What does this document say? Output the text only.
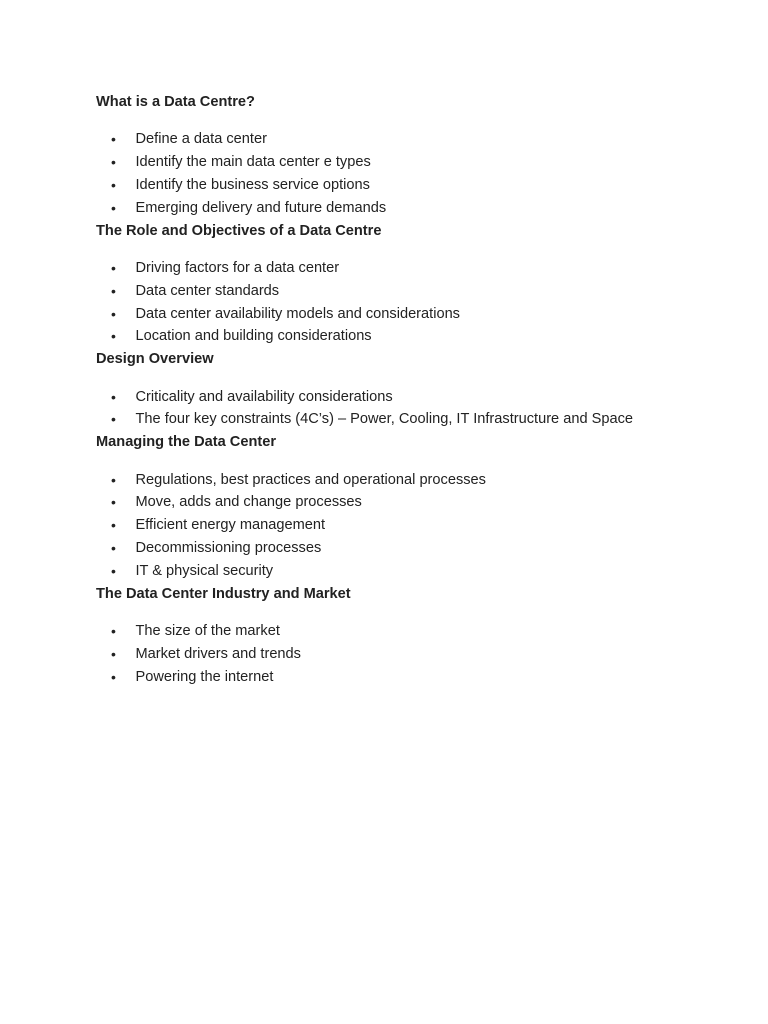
What is a Data Centre?
• Define a data center
• Identify the main data center e types
• Identify the business service options
• Emerging delivery and future demands
The Role and Objectives of a Data Centre
• Driving factors for a data center
• Data center standards
• Data center availability models and considerations
• Location and building considerations
Design Overview
• Criticality and availability considerations
• The four key constraints (4C’s) – Power, Cooling, IT Infrastructure and Space
Managing the Data Center
• Regulations, best practices and operational processes
• Move, adds and change processes
• Efficient energy management
• Decommissioning processes
• IT & physical security
The Data Center Industry and Market
• The size of the market
• Market drivers and trends
• Powering the internet
